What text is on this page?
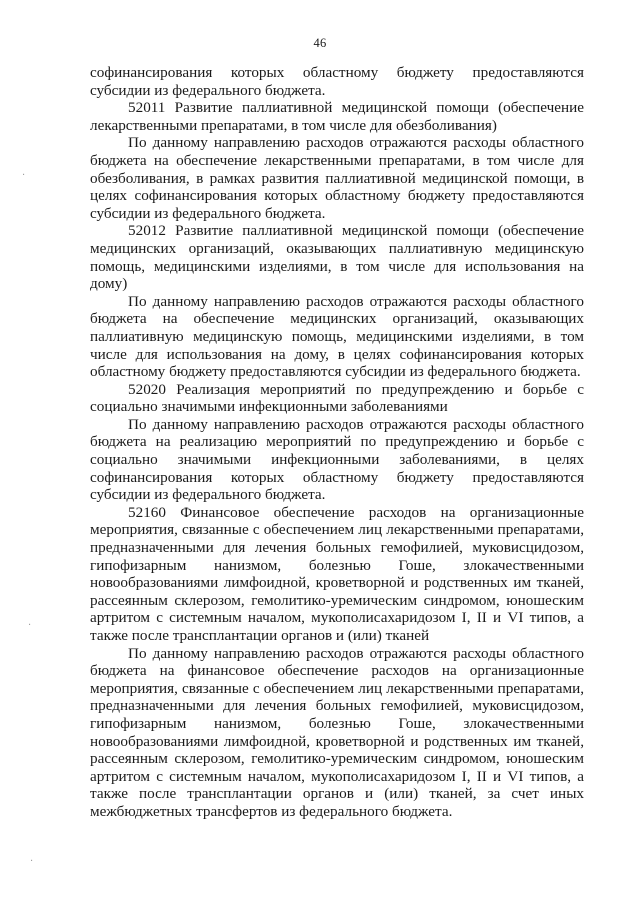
46

софинансирования которых областному бюджету предоставляются субсидии из федерального бюджета.

52011 Развитие паллиативной медицинской помощи (обеспечение лекарственными препаратами, в том числе для обезболивания)

По данному направлению расходов отражаются расходы областного бюджета на обеспечение лекарственными препаратами, в том числе для обезболивания, в рамках развития паллиативной медицинской помощи, в целях софинансирования которых областному бюджету предоставляются субсидии из федерального бюджета.

52012 Развитие паллиативной медицинской помощи (обеспечение медицинских организаций, оказывающих паллиативную медицинскую помощь, медицинскими изделиями, в том числе для использования на дому)

По данному направлению расходов отражаются расходы областного бюджета на обеспечение медицинских организаций, оказывающих паллиативную медицинскую помощь, медицинскими изделиями, в том числе для использования на дому, в целях софинансирования которых областному бюджету предоставляются субсидии из федерального бюджета.

52020 Реализация мероприятий по предупреждению и борьбе с социально значимыми инфекционными заболеваниями

По данному направлению расходов отражаются расходы областного бюджета на реализацию мероприятий по предупреждению и борьбе с социально значимыми инфекционными заболеваниями, в целях софинансирования которых областному бюджету предоставляются субсидии из федерального бюджета.

52160 Финансовое обеспечение расходов на организационные мероприятия, связанные с обеспечением лиц лекарственными препаратами, предназначенными для лечения больных гемофилией, муковисцидозом, гипофизарным нанизмом, болезнью Гоше, злокачественными новообразованиями лимфоидной, кроветворной и родственных им тканей, рассеянным склерозом, гемолитико-уремическим синдромом, юношеским артритом с системным началом, мукополисахаридозом I, II и VI типов, а также после трансплантации органов и (или) тканей

По данному направлению расходов отражаются расходы областного бюджета на финансовое обеспечение расходов на организационные мероприятия, связанные с обеспечением лиц лекарственными препаратами, предназначенными для лечения больных гемофилией, муковисцидозом, гипофизарным нанизмом, болезнью Гоше, злокачественными новообразованиями лимфоидной, кроветворной и родственных им тканей, рассеянным склерозом, гемолитико-уремическим синдромом, юношеским артритом с системным началом, мукополисахаридозом I, II и VI типов, а также после трансплантации органов и (или) тканей, за счет иных межбюджетных трансфертов из федерального бюджета.

·
·
·
